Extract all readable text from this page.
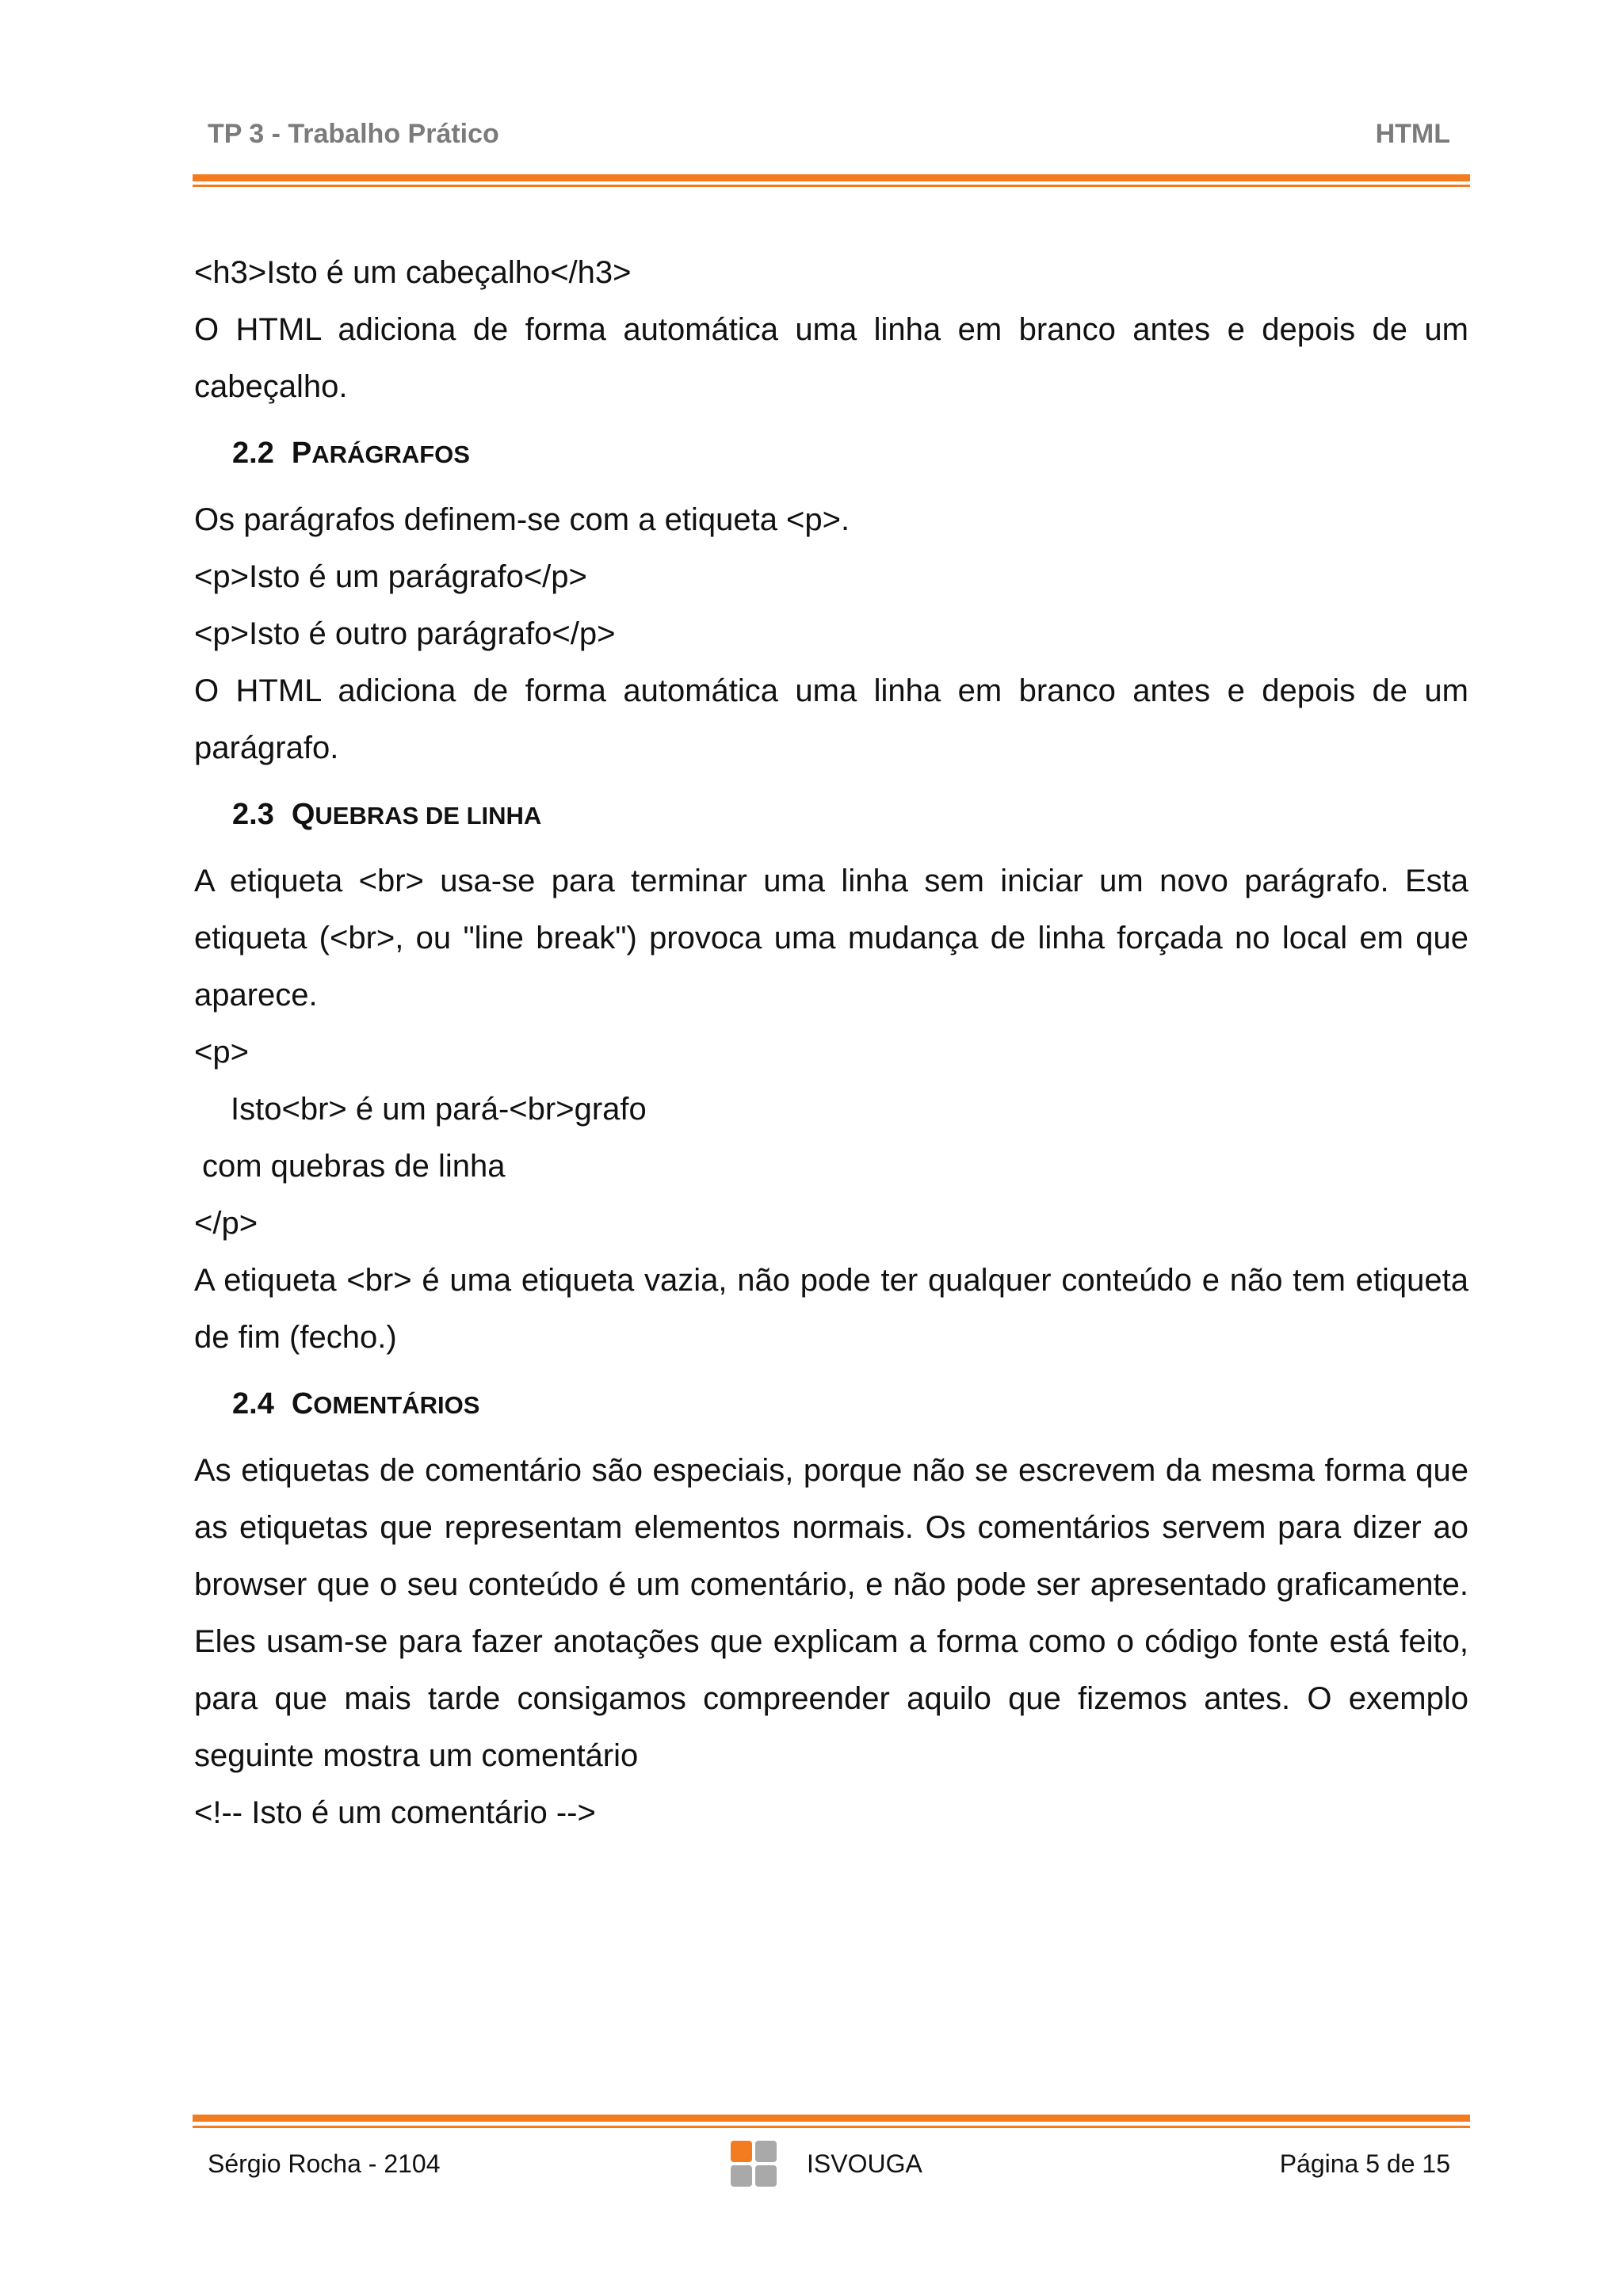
TP 3 - Trabalho Prático	HTML
<h3>Isto é um cabeçalho</h3>

O HTML adiciona de forma automática uma linha em branco antes e depois de um cabeçalho.

2.2 PARÁGRAFOS
Os parágrafos definem-se com a etiqueta <p>.
<p>Isto é um parágrafo</p>
<p>Isto é outro parágrafo</p>

O HTML adiciona de forma automática uma linha em branco antes e depois de um parágrafo.

2.3 QUEBRAS DE LINHA

A etiqueta <br> usa-se para terminar uma linha sem iniciar um novo parágrafo. Esta etiqueta (<br>, ou "line break") provoca uma mudança de linha forçada no local em que aparece.

<p>
Isto<br> é um pará-<br>grafo
com quebras de linha
</p>

A etiqueta <br> é uma etiqueta vazia, não pode ter qualquer conteúdo e não tem etiqueta de fim (fecho.)

2.4 COMENTÁRIOS

As etiquetas de comentário são especiais, porque não se escrevem da mesma forma que as etiquetas que representam elementos normais. Os comentários servem para dizer ao browser que o seu conteúdo é um comentário, e não pode ser apresentado graficamente. Eles usam-se para fazer anotações que explicam a forma como o código fonte está feito, para que mais tarde consigamos compreender aquilo que fizemos antes. O exemplo seguinte mostra um comentário

<!-- Isto é um comentário -->
Sérgio Rocha - 2104	ISVOUGA	Página 5 de 15
